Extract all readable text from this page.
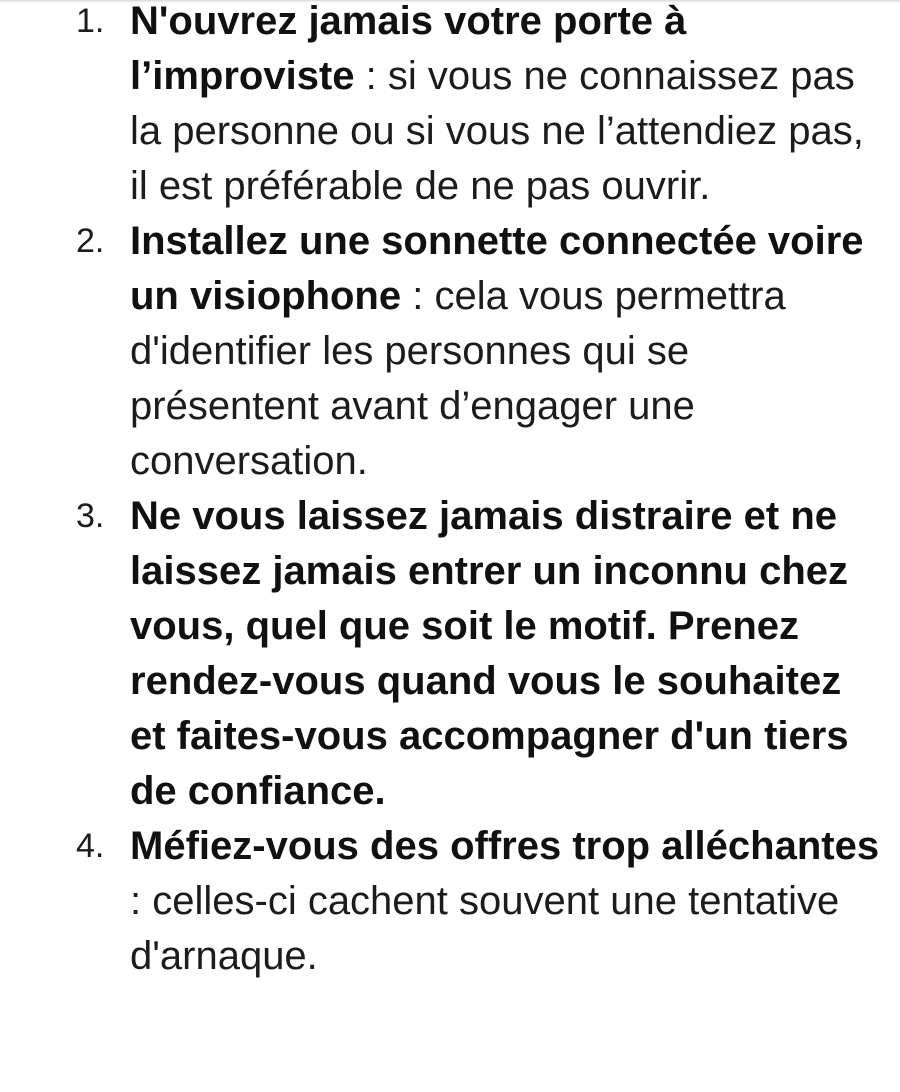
1. N'ouvrez jamais votre porte à l’improviste : si vous ne connaissez pas la personne ou si vous ne l’attendiez pas, il est préférable de ne pas ouvrir.
2. Installez une sonnette connectée voire un visiophone : cela vous permettra d'identifier les personnes qui se présentent avant d’engager une conversation.
3. Ne vous laissez jamais distraire et ne laissez jamais entrer un inconnu chez vous, quel que soit le motif. Prenez rendez-vous quand vous le souhaitez et faites-vous accompagner d'un tiers de confiance.
4. Méfiez-vous des offres trop alléchantes : celles-ci cachent souvent une tentative d'arnaque.
